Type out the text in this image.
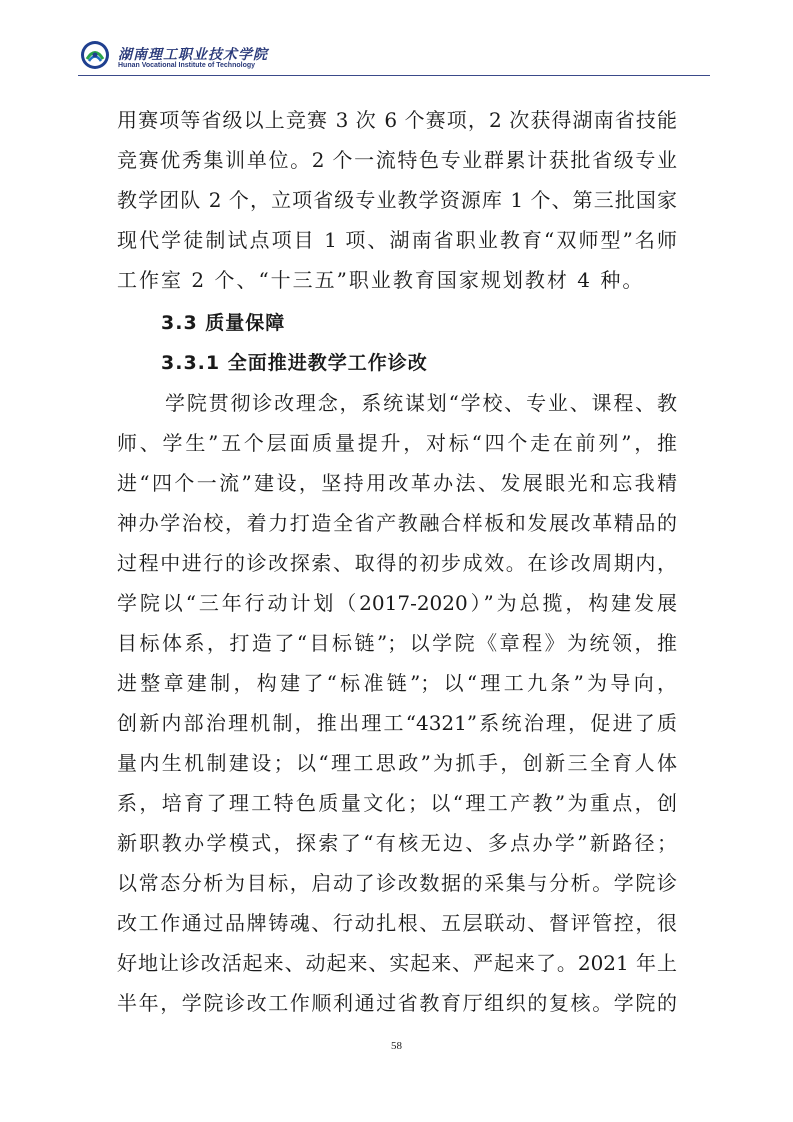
湖南理工职业技术学院
Hunan Vocational Institute of Technology
用赛项等省级以上竞赛 3 次 6 个赛项，2 次获得湖南省技能
竞赛优秀集训单位。2 个一流特色专业群累计获批省级专业
教学团队 2 个，立项省级专业教学资源库 1 个、第三批国家
现代学徒制试点项目 1 项、湖南省职业教育“双师型”名师
工作室 2 个、“十三五”职业教育国家规划教材 4 种。
3.3 质量保障
3.3.1 全面推进教学工作诊改
学院贯彻诊改理念，系统谋划“学校、专业、课程、教
师、学生”五个层面质量提升，对标“四个走在前列”，推
进“四个一流”建设，坚持用改革办法、发展眼光和忘我精
神办学治校，着力打造全省产教融合样板和发展改革精品的
过程中进行的诊改探索、取得的初步成效。在诊改周期内，
学院以“三年行动计划（2017-2020）”为总揽，构建发展
目标体系，打造了“目标链”；以学院《章程》为统领，推
进整章建制，构建了“标准链”；以“理工九条”为导向，
创新内部治理机制，推出理工“4321”系统治理，促进了质
量内生机制建设；以“理工思政”为抓手，创新三全育人体
系，培育了理工特色质量文化；以“理工产教”为重点，创
新职教办学模式，探索了“有核无边、多点办学”新路径；
以常态分析为目标，启动了诊改数据的采集与分析。学院诊
改工作通过品牌铸魂、行动扎根、五层联动、督评管控，很
好地让诊改活起来、动起来、实起来、严起来了。2021 年上
半年，学院诊改工作顺利通过省教育厅组织的复核。学院的
58
